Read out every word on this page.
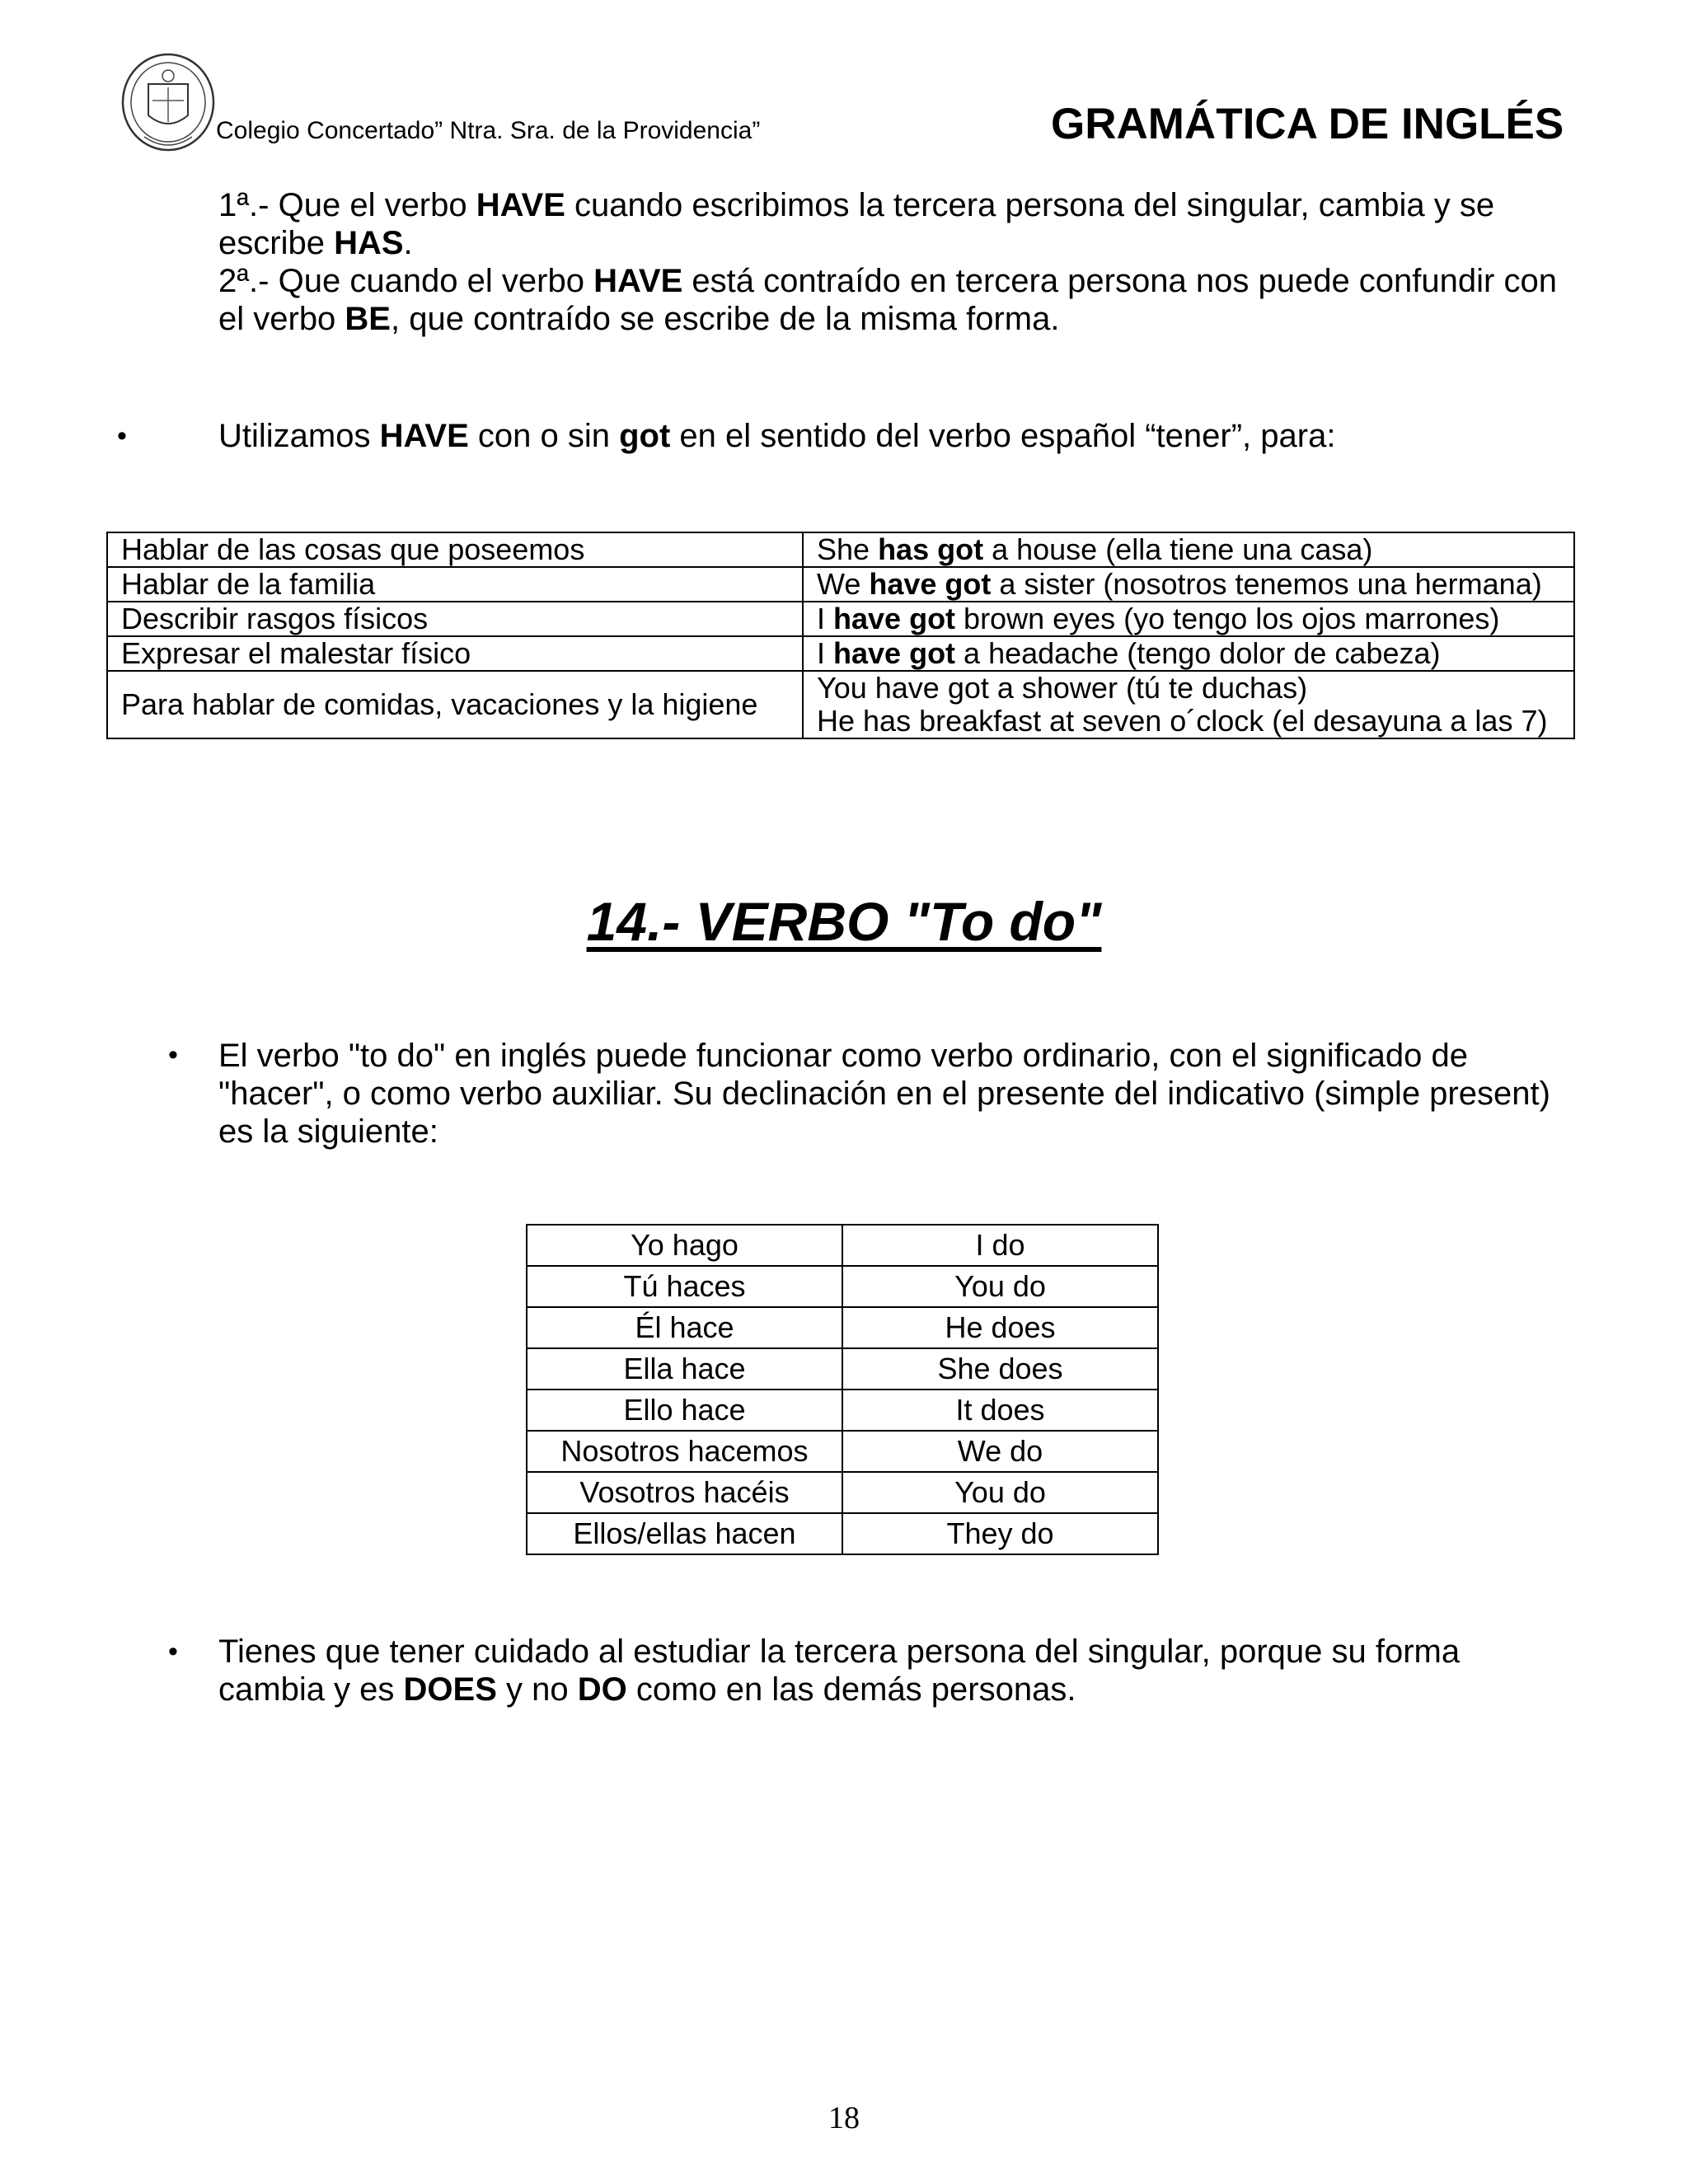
Colegio Concertado” Ntra. Sra. de la Providencia”	GRAMÁTICA DE INGLÉS
1ª.- Que el verbo HAVE cuando escribimos la tercera persona del singular, cambia y se escribe HAS.
2ª.- Que cuando el verbo HAVE está contraído en tercera persona nos puede confundir con el verbo BE, que contraído se escribe de la misma forma.
•	Utilizamos HAVE con o sin got en el sentido del verbo español “tener”, para:
Hablar de las cosas que poseemos	She has got a house (ella tiene una casa)
Hablar de la familia	We have got a sister (nosotros tenemos una hermana)
Describir rasgos físicos	I have got brown eyes (yo tengo los ojos marrones)
Expresar el malestar físico	I have got a headache (tengo dolor de cabeza)
Para hablar de comidas, vacaciones y la higiene	You have got a shower (tú te duchas)
He has breakfast at seven o´clock (el desayuna a las 7)
14.- VERBO "To do"
• El verbo "to do" en inglés puede funcionar como verbo ordinario, con el significado de "hacer", o como verbo auxiliar. Su declinación en el presente del indicativo (simple present) es la siguiente:
Yo hago	I do
Tú haces	You do
Él hace	He does
Ella hace	She does
Ello hace	It does
Nosotros hacemos	We do
Vosotros hacéis	You do
Ellos/ellas hacen	They do
• Tienes que tener cuidado al estudiar la tercera persona del singular, porque su forma cambia y es DOES y no DO como en las demás personas.
18
